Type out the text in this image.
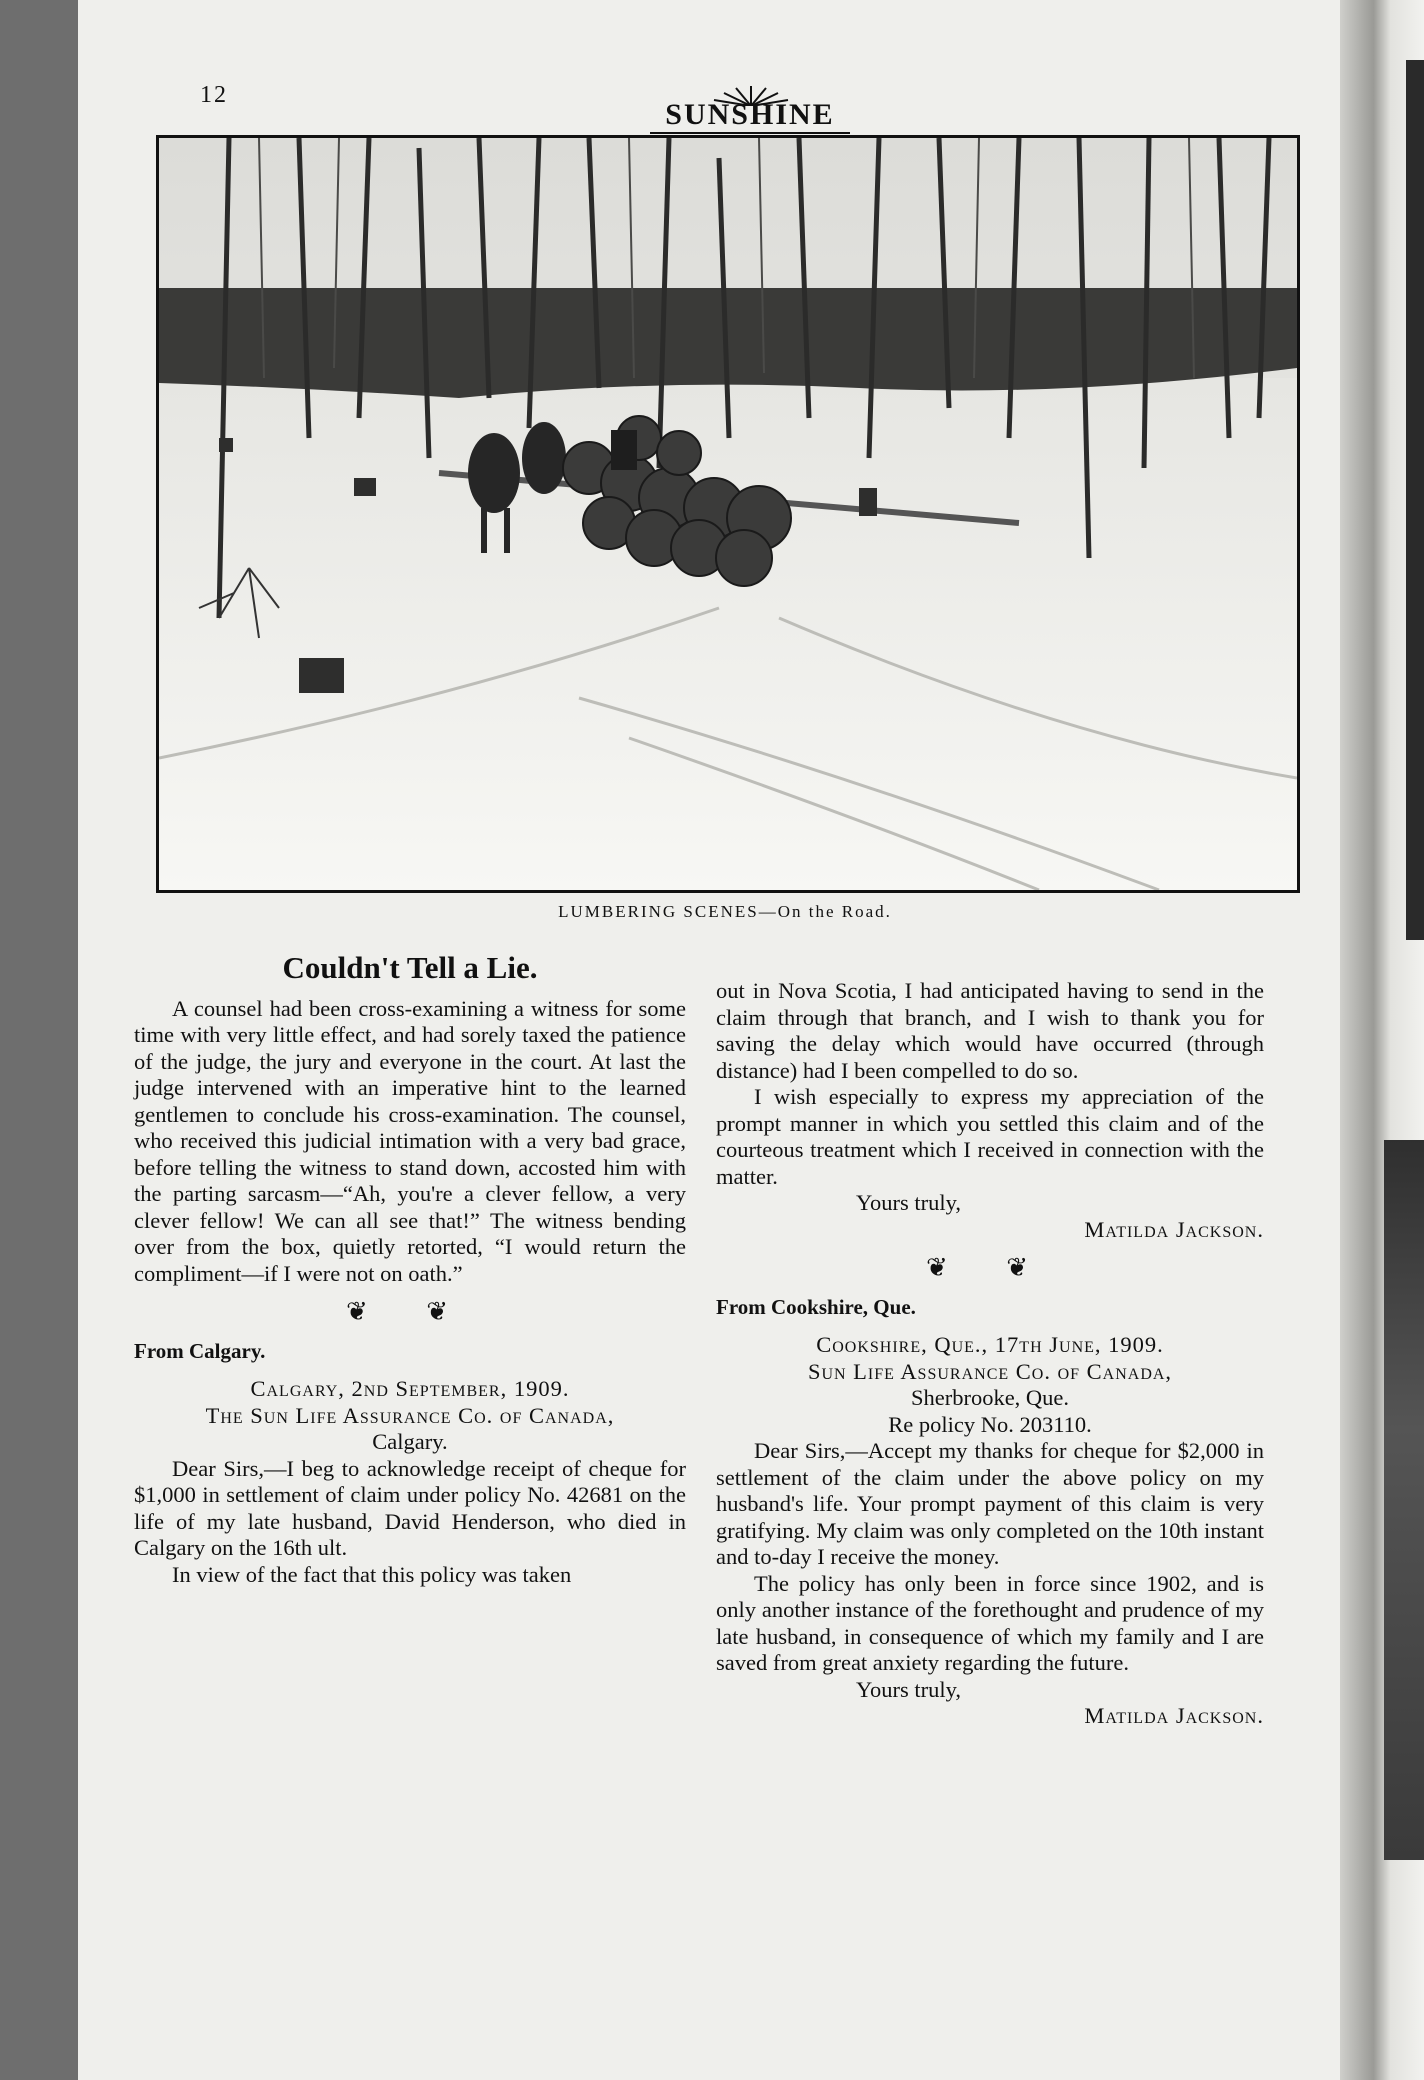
12
SUNSHINE
LUMBERING SCENES—On the Road.
Couldn't Tell a Lie.

A counsel had been cross-examining a witness for some time with very little effect, and had sorely taxed the patience of the judge, the jury and everyone in the court. At last the judge intervened with an imperative hint to the learned gentlemen to conclude his cross-examination. The counsel, who received this judicial intimation with a very bad grace, before telling the witness to stand down, accosted him with the parting sarcasm—“Ah, you're a clever fellow, a very clever fellow! We can all see that!” The witness bending over from the box, quietly retorted, “I would return the compliment—if I were not on oath.”

❦ ❦

From Calgary.

Calgary, 2nd September, 1909.

The Sun Life Assurance Co. of Canada,

Calgary.

Dear Sirs,—I beg to acknowledge receipt of cheque for $1,000 in settlement of claim under policy No. 42681 on the life of my late husband, David Henderson, who died in Calgary on the 16th ult.

In view of the fact that this policy was taken

out in Nova Scotia, I had anticipated having to send in the claim through that branch, and I wish to thank you for saving the delay which would have occurred (through distance) had I been compelled to do so.

I wish especially to express my appreciation of the prompt manner in which you settled this claim and of the courteous treatment which I received in connection with the matter.

Yours truly,

Matilda Jackson.

❦ ❦

From Cookshire, Que.

Cookshire, Que., 17th June, 1909.

Sun Life Assurance Co. of Canada,

Sherbrooke, Que.

Re policy No. 203110.

Dear Sirs,—Accept my thanks for cheque for $2,000 in settlement of the claim under the above policy on my husband's life. Your prompt payment of this claim is very gratifying. My claim was only completed on the 10th instant and to-day I receive the money.

The policy has only been in force since 1902, and is only another instance of the forethought and prudence of my late husband, in consequence of which my family and I are saved from great anxiety regarding the future.

Yours truly,

Matilda Jackson.
